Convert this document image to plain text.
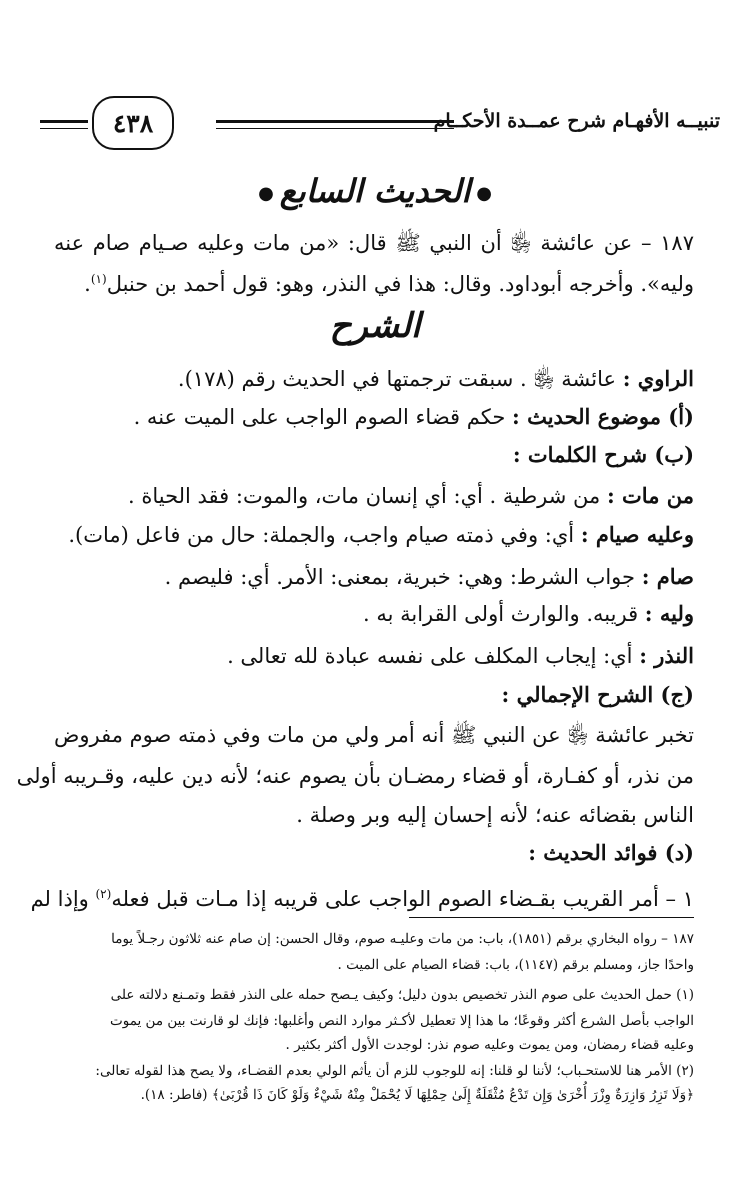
تنبيــه الأفهـام شرح عمــدة الأحكــام
٤٣٨
●الحديث السابع●
١٨٧ – عن عائشة ﵂ أن النبي ﷺ قال: «من مات وعليه صـيام صام عنه
وليه». وأخرجه أبوداود. وقال: هذا في النذر، وهو: قول أحمد بن حنبل$^{(١)}$.
الشرح
الراوي : عائشة ﵂ . سبقت ترجمتها في الحديث رقم (١٧٨).
(أ) موضوع الحديث : حكم قضاء الصوم الواجب على الميت عنه .
(ب) شرح الكلمات :
من مات : من شرطية . أي: أي إنسان مات، والموت: فقد الحياة .
وعليه صيام : أي: وفي ذمته صيام واجب، والجملة: حال من فاعل (مات).
صام : جواب الشرط: وهي: خبرية، بمعنى: الأمر. أي: فليصم .
وليه : قريبه. والوارث أولى القرابة به .
النذر : أي: إيجاب المكلف على نفسه عبادة لله تعالى .
(ج) الشرح الإجمالي :
تخبر عائشة ﵂ عن النبي ﷺ أنه أمر ولي من مات وفي ذمته صوم مفروض
من نذر، أو كفـارة، أو قضاء رمضـان بأن يصوم عنه؛ لأنه دين عليه، وقـريبه أولى
الناس بقضائه عنه؛ لأنه إحسان إليه وبر وصلة .
(د) فوائد الحديث :
١ – أمر القريب بقـضاء الصوم الواجب على قريبه إذا مـات قبل فعله$^{(٢)}$ وإذا لم
١٨٧ – رواه البخاري برقم (١٨٥١)، باب: من مات وعليـه صوم، وقال الحسن: إن صام عنه ثلاثون رجـلاً يوما
واحدًا جاز، ومسلم برقم (١١٤٧)، باب: قضاء الصيام على الميت .
(١) حمل الحديث على صوم النذر تخصيص بدون دليل؛ وكيف يـصح حمله على النذر فقط وتمـنع دلالته على
الواجب بأصل الشرع أكثر وقوعًا؛ ما هذا إلا تعطيل لأكـثر موارد النص وأغلبها: فإنك لو قارنت بين من يموت
وعليه قضاء رمضان، ومن يموت وعليه صوم نذر: لوجدت الأول أكثر بكثير .
(٢) الأمر هنا للاستحـباب؛ لأننا لو قلنا: إنه للوجوب للزم أن يأثم الولي بعدم القضـاء، ولا يصح هذا لقوله تعالى:
﴿وَلَا تَزِرُ وَازِرَةٌ وِزْرَ أُخْرَىٰ وَإِن تَدْعُ مُثْقَلَةٌ إِلَىٰ حِمْلِهَا لَا يُحْمَلْ مِنْهُ شَيْءٌ وَلَوْ كَانَ ذَا قُرْبَىٰ﴾ (فاطر: ١٨).
